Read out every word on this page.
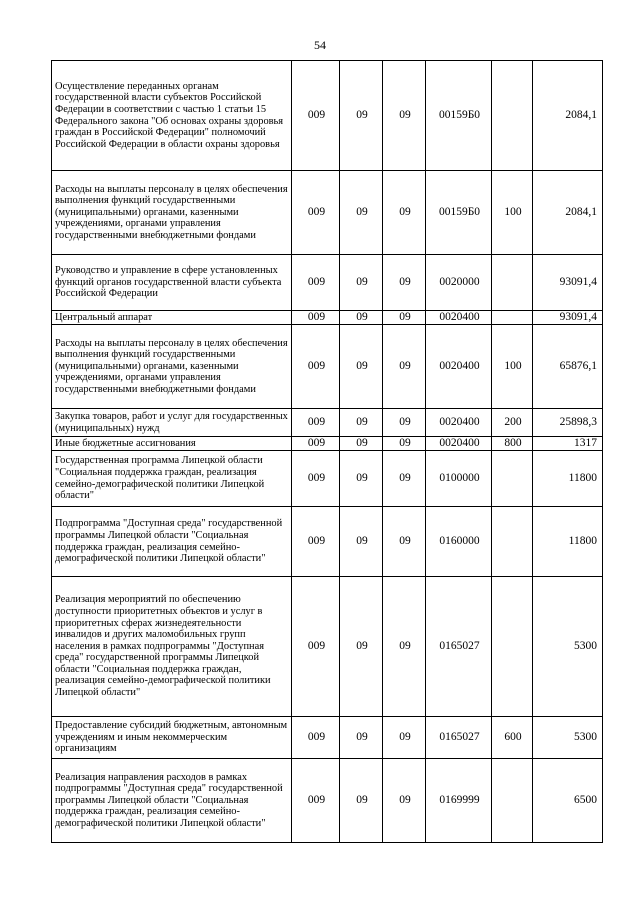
54
Осуществление переданных органам государственной власти субъектов Российской Федерации в соответствии с частью 1 статьи 15 Федерального закона "Об основах охраны здоровья граждан в Российской Федерации" полномочий Российской Федерации в области охраны здоровья	009	09	09	00159Б0		2084,1
Расходы на выплаты персоналу в целях обеспечения выполнения функций государственными (муниципальными) органами, казенными учреждениями, органами управления государственными внебюджетными фондами	009	09	09	00159Б0	100	2084,1
Руководство и управление в сфере установленных функций органов государственной власти субъекта Российской Федерации	009	09	09	0020000		93091,4
Центральный аппарат	009	09	09	0020400		93091,4
Расходы на выплаты персоналу в целях обеспечения выполнения функций государственными (муниципальными) органами, казенными учреждениями, органами управления государственными внебюджетными фондами	009	09	09	0020400	100	65876,1
Закупка товаров, работ и услуг для государственных (муниципальных) нужд	009	09	09	0020400	200	25898,3
Иные бюджетные ассигнования	009	09	09	0020400	800	1317
Государственная программа Липецкой области "Социальная поддержка граждан, реализация семейно-демографической политики Липецкой области"	009	09	09	0100000		11800
Подпрограмма "Доступная среда" государственной программы Липецкой области "Социальная поддержка граждан, реализация семейно-демографической политики Липецкой области"	009	09	09	0160000		11800
Реализация мероприятий по обеспечению доступности приоритетных объектов и услуг в приоритетных сферах жизнедеятельности инвалидов и других маломобильных групп населения в рамках подпрограммы "Доступная среда" государственной программы Липецкой области "Социальная поддержка граждан, реализация семейно-демографической политики Липецкой области"	009	09	09	0165027		5300
Предоставление субсидий бюджетным, автономным учреждениям и иным некоммерческим организациям	009	09	09	0165027	600	5300
Реализация направления расходов в рамках подпрограммы "Доступная среда" государственной программы Липецкой области "Социальная поддержка граждан, реализация семейно-демографической политики Липецкой области"	009	09	09	0169999		6500
